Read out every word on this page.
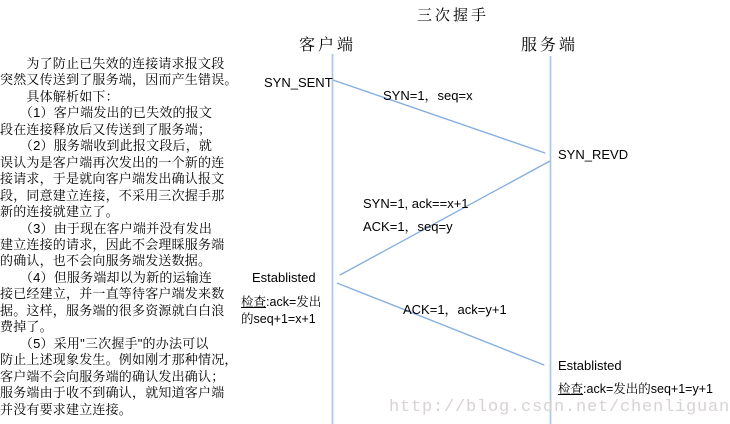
三次握手
客户端	服务端
　　为了防止已失效的连接请求报文段
突然又传送到了服务端，因而产生错误。
　　具体解析如下：
　　（1）客户端发出的已失效的报文
段在连接释放后又传送到了服务端；
　　（2）服务端收到此报文段后，就
误认为是客户端再次发出的一个新的连
接请求，于是就向客户端发出确认报文
段，同意建立连接，不采用三次握手那
新的连接就建立了。
　　（3）由于现在客户端并没有发出
建立连接的请求，因此不会理睬服务端
的确认，也不会向服务端发送数据。
　　（4）但服务端却以为新的运输连
接已经建立，并一直等待客户端发来数
据。这样，服务端的很多资源就白白浪
费掉了。
　　（5）采用"三次握手"的办法可以
防止上述现象发生。例如刚才那种情况，
客户端不会向服务端的确认发出确认；
服务端由于收不到确认，就知道客户端
并没有要求建立连接。
SYN_SENT
Establisted
检查:ack=发出
的seq+1=x+1
SYN_REVD
Establisted
检查:ack=发出的seq+1=y+1
SYN=1，seq=x
SYN=1, ack==x+1
ACK=1，seq=y
ACK=1，ack=y+1
http://blog.csdn.net/chenliguan
